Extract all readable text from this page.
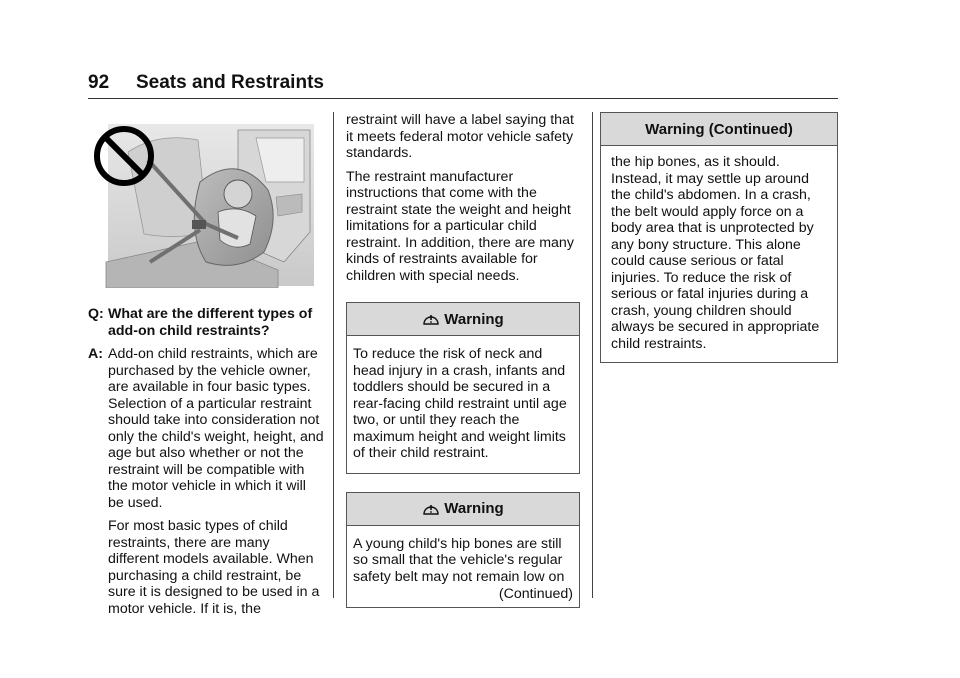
92 Seats and Restraints
Q: What are the different types of add-on child restraints?

A: Add-on child restraints, which are purchased by the vehicle owner, are available in four basic types. Selection of a particular restraint should take into consideration not only the child's weight, height, and age but also whether or not the restraint will be compatible with the motor vehicle in which it will be used.

For most basic types of child restraints, there are many different models available. When purchasing a child restraint, be sure it is designed to be used in a motor vehicle. If it is, the

restraint will have a label saying that it meets federal motor vehicle safety standards.

The restraint manufacturer instructions that come with the restraint state the weight and height limitations for a particular child restraint. In addition, there are many kinds of restraints available for children with special needs.

Warning

To reduce the risk of neck and head injury in a crash, infants and toddlers should be secured in a rear-facing child restraint until age two, or until they reach the maximum height and weight limits of their child restraint.

Warning

A young child's hip bones are still so small that the vehicle's regular safety belt may not remain low on

(Continued)

Warning (Continued)

the hip bones, as it should. Instead, it may settle up around the child's abdomen. In a crash, the belt would apply force on a body area that is unprotected by any bony structure. This alone could cause serious or fatal injuries. To reduce the risk of serious or fatal injuries during a crash, young children should always be secured in appropriate child restraints.
